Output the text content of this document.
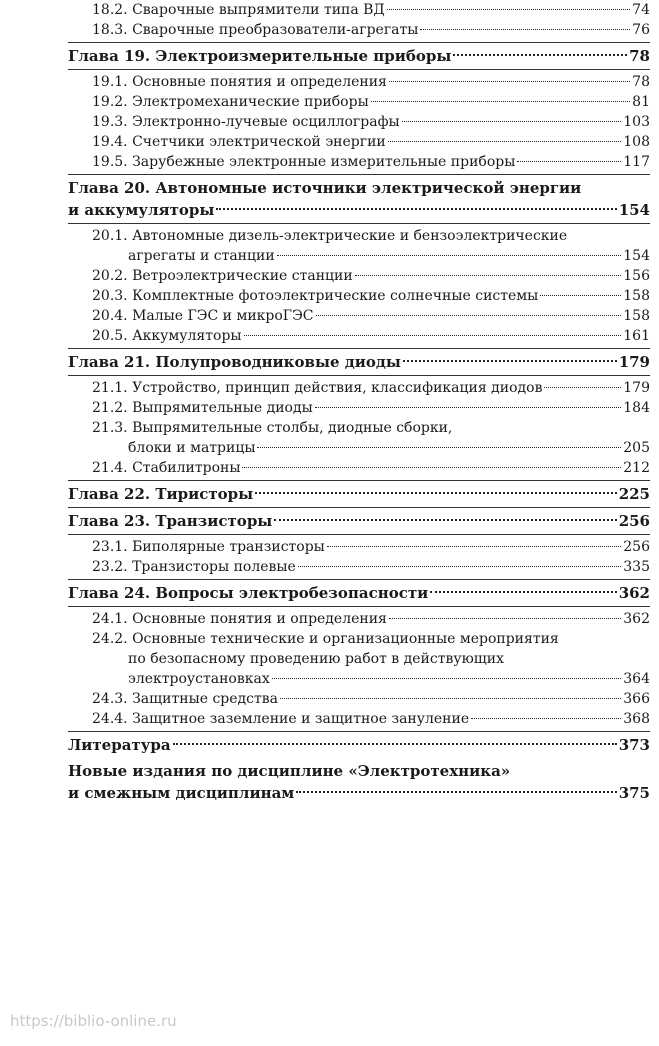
18.2. Сварочные выпрямители типа ВД	74
18.3. Сварочные преобразователи-агрегаты	76
Глава 19. Электроизмерительные приборы	78
19.1. Основные понятия и определения	78
19.2. Электромеханические приборы	81
19.3. Электронно-лучевые осциллографы	103
19.4. Счетчики электрической энергии	108
19.5. Зарубежные электронные измерительные приборы	117
Глава 20. Автономные источники электрической энергии
и аккумуляторы	154
20.1. Автономные дизель-электрические и бензоэлектрические
агрегаты и станции	154
20.2. Ветроэлектрические станции	156
20.3. Комплектные фотоэлектрические солнечные системы	158
20.4. Малые ГЭС и микроГЭС	158
20.5. Аккумуляторы	161
Глава 21. Полупроводниковые диоды	179
21.1. Устройство, принцип действия, классификация диодов	179
21.2. Выпрямительные диоды	184
21.3. Выпрямительные столбы, диодные сборки,
блоки и матрицы	205
21.4. Стабилитроны	212
Глава 22. Тиристоры	225
Глава 23. Транзисторы	256
23.1. Биполярные транзисторы	256
23.2. Транзисторы полевые	335
Глава 24. Вопросы электробезопасности	362
24.1. Основные понятия и определения	362
24.2. Основные технические и организационные мероприятия
по безопасному проведению работ в действующих
электроустановках	364
24.3. Защитные средства	366
24.4. Защитное заземление и защитное зануление	368
Литература	373
Новые издания по дисциплине «Электротехника»
и смежным дисциплинам	375
https://biblio-online.ru
